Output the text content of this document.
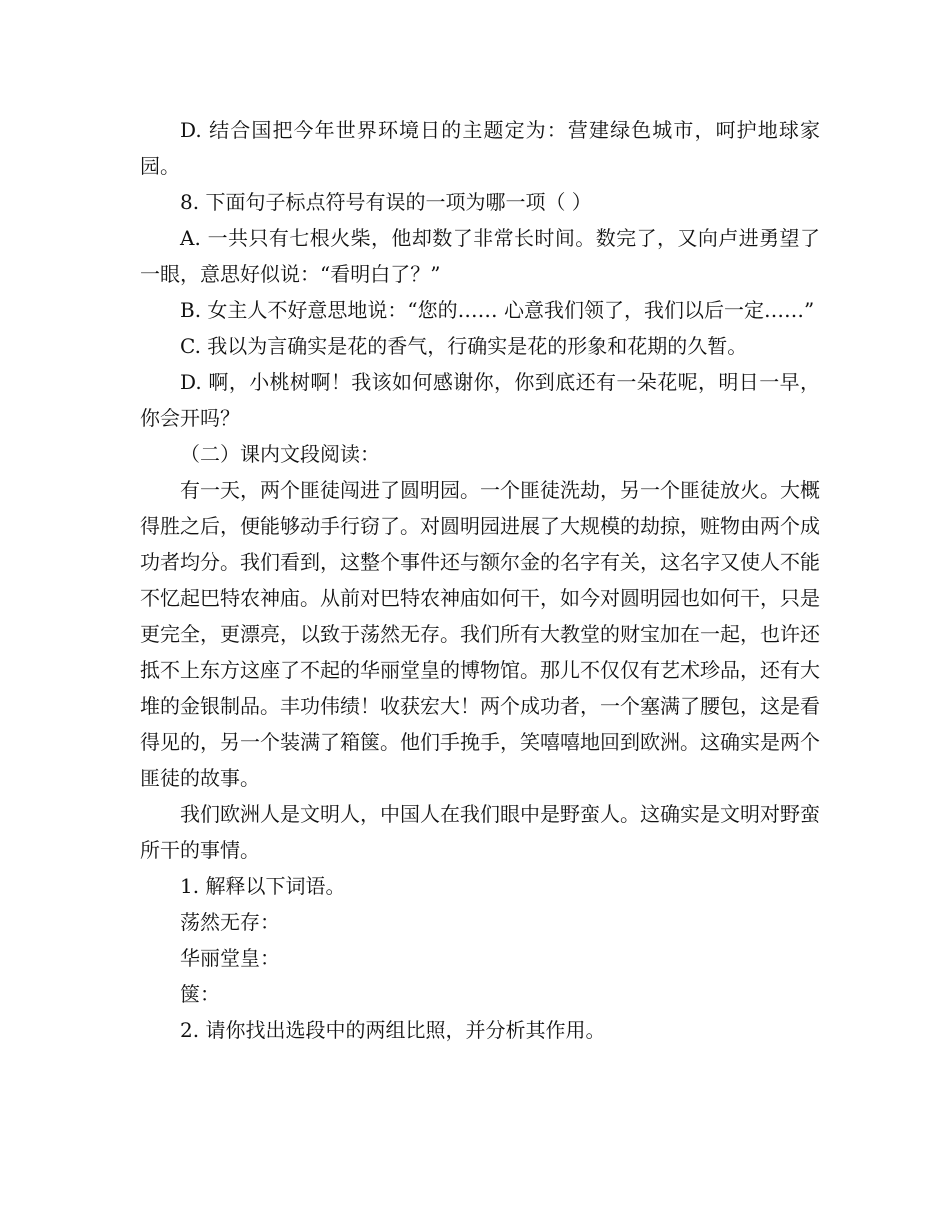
D. 结合国把今年世界环境日的主题定为：营建绿色城市，呵护地球家园。

8. 下面句子标点符号有误的一项为哪一项（ ）

A. 一共只有七根火柴，他却数了非常长时间。数完了，又向卢进勇望了一眼，意思好似说：“看明白了？”

B. 女主人不好意思地说：“您的…… 心意我们领了，我们以后一定……”

C. 我以为言确实是花的香气，行确实是花的形象和花期的久暂。

D. 啊，小桃树啊！我该如何感谢你，你到底还有一朵花呢，明日一早，你会开吗？

（二）课内文段阅读：

有一天，两个匪徒闯进了圆明园。一个匪徒洗劫，另一个匪徒放火。大概得胜之后，便能够动手行窃了。对圆明园进展了大规模的劫掠，赃物由两个成功者均分。我们看到，这整个事件还与额尔金的名字有关，这名字又使人不能不忆起巴特农神庙。从前对巴特农神庙如何干，如今对圆明园也如何干，只是更完全，更漂亮，以致于荡然无存。我们所有大教堂的财宝加在一起，也许还抵不上东方这座了不起的华丽堂皇的博物馆。那儿不仅仅有艺术珍品，还有大堆的金银制品。丰功伟绩！收获宏大！两个成功者，一个塞满了腰包，这是看得见的，另一个装满了箱箧。他们手挽手，笑嘻嘻地回到欧洲。这确实是两个匪徒的故事。

我们欧洲人是文明人，中国人在我们眼中是野蛮人。这确实是文明对野蛮所干的事情。

1. 解释以下词语。

荡然无存：

华丽堂皇：

箧：

2. 请你找出选段中的两组比照，并分析其作用。
